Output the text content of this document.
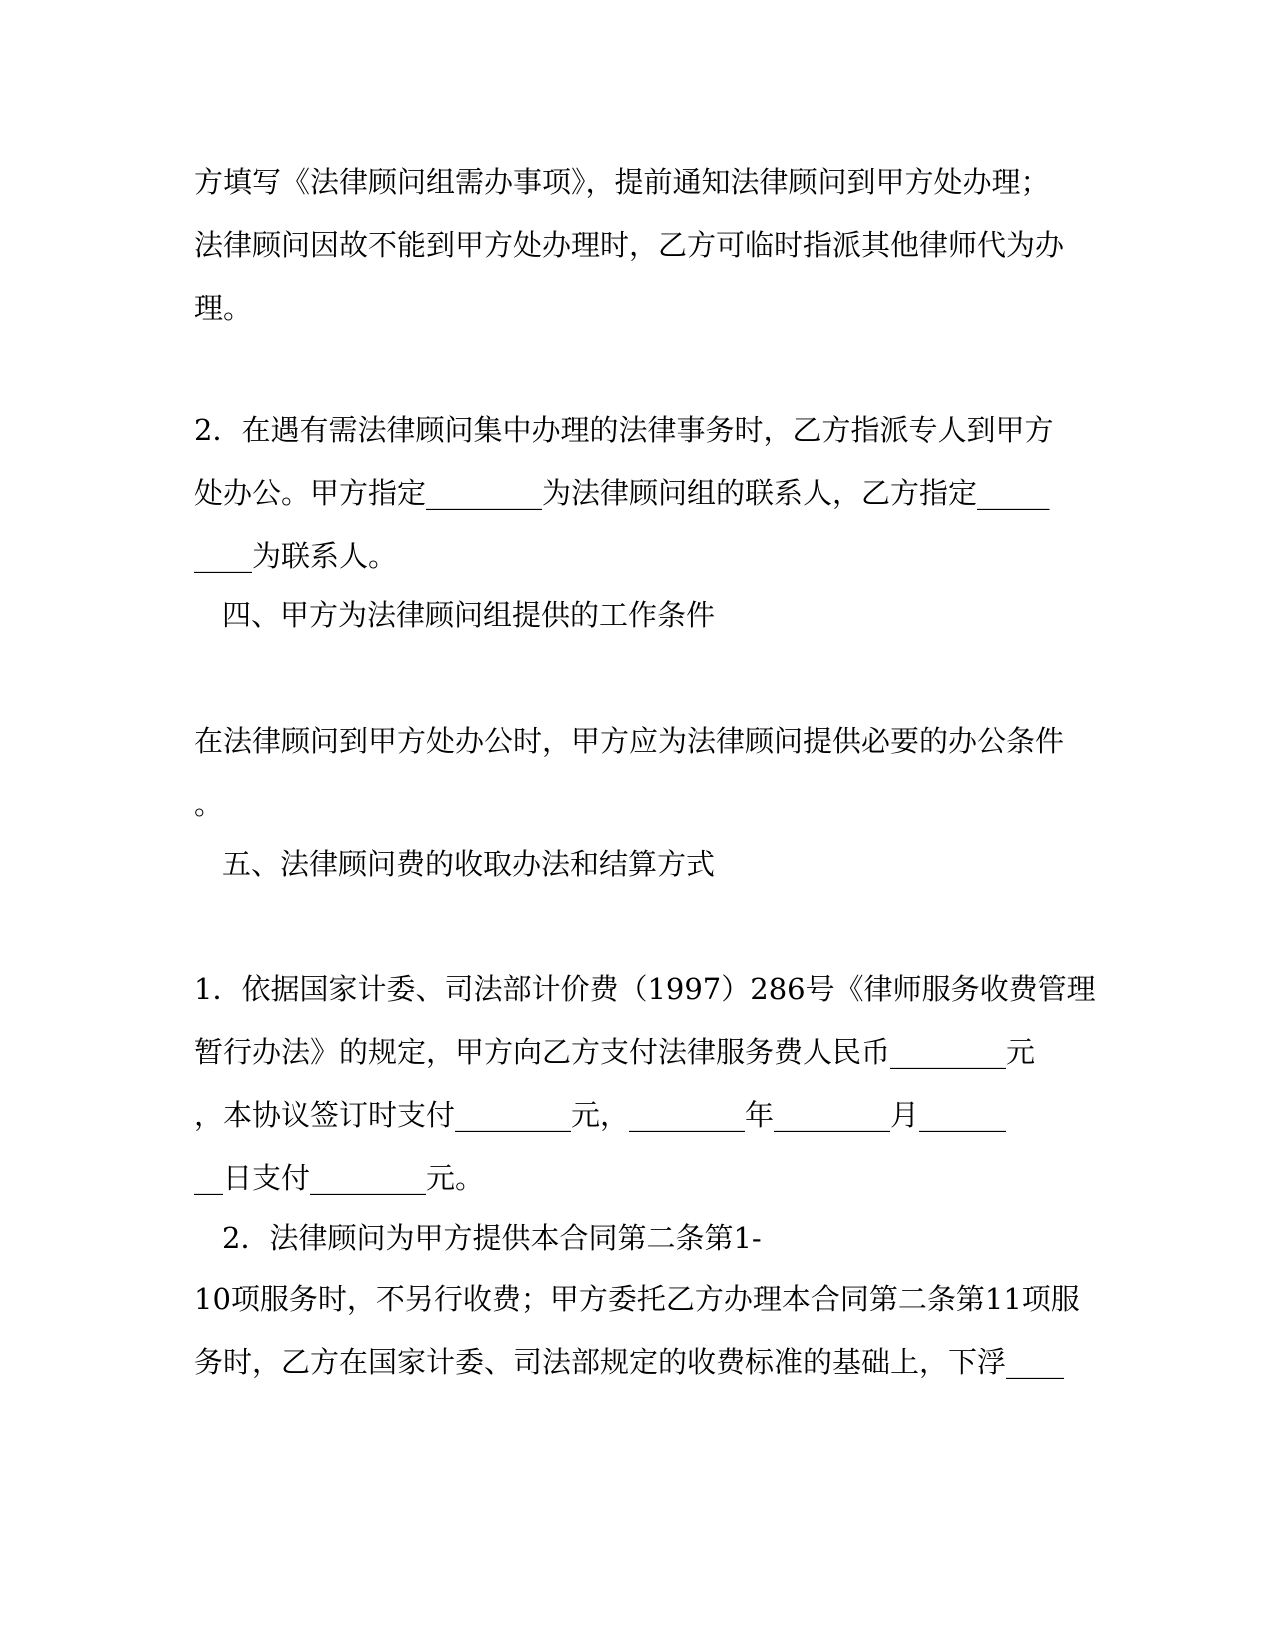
方填写《法律顾问组需办事项》，提前通知法律顾问到甲方处办理；
法律顾问因故不能到甲方处办理时，乙方可临时指派其他律师代为办
理。
2．在遇有需法律顾问集中办理的法律事务时，乙方指派专人到甲方
处办公。甲方指定________为法律顾问组的联系人，乙方指定_____
____为联系人。
四、甲方为法律顾问组提供的工作条件
在法律顾问到甲方处办公时，甲方应为法律顾问提供必要的办公条件
。
五、法律顾问费的收取办法和结算方式
1．依据国家计委、司法部计价费（1997）286号《律师服务收费管理
暂行办法》的规定，甲方向乙方支付法律服务费人民币________元
，本协议签订时支付________元，________年________月______
__日支付________元。
2．法律顾问为甲方提供本合同第二条第1-
10项服务时，不另行收费；甲方委托乙方办理本合同第二条第11项服
务时，乙方在国家计委、司法部规定的收费标准的基础上，下浮____
